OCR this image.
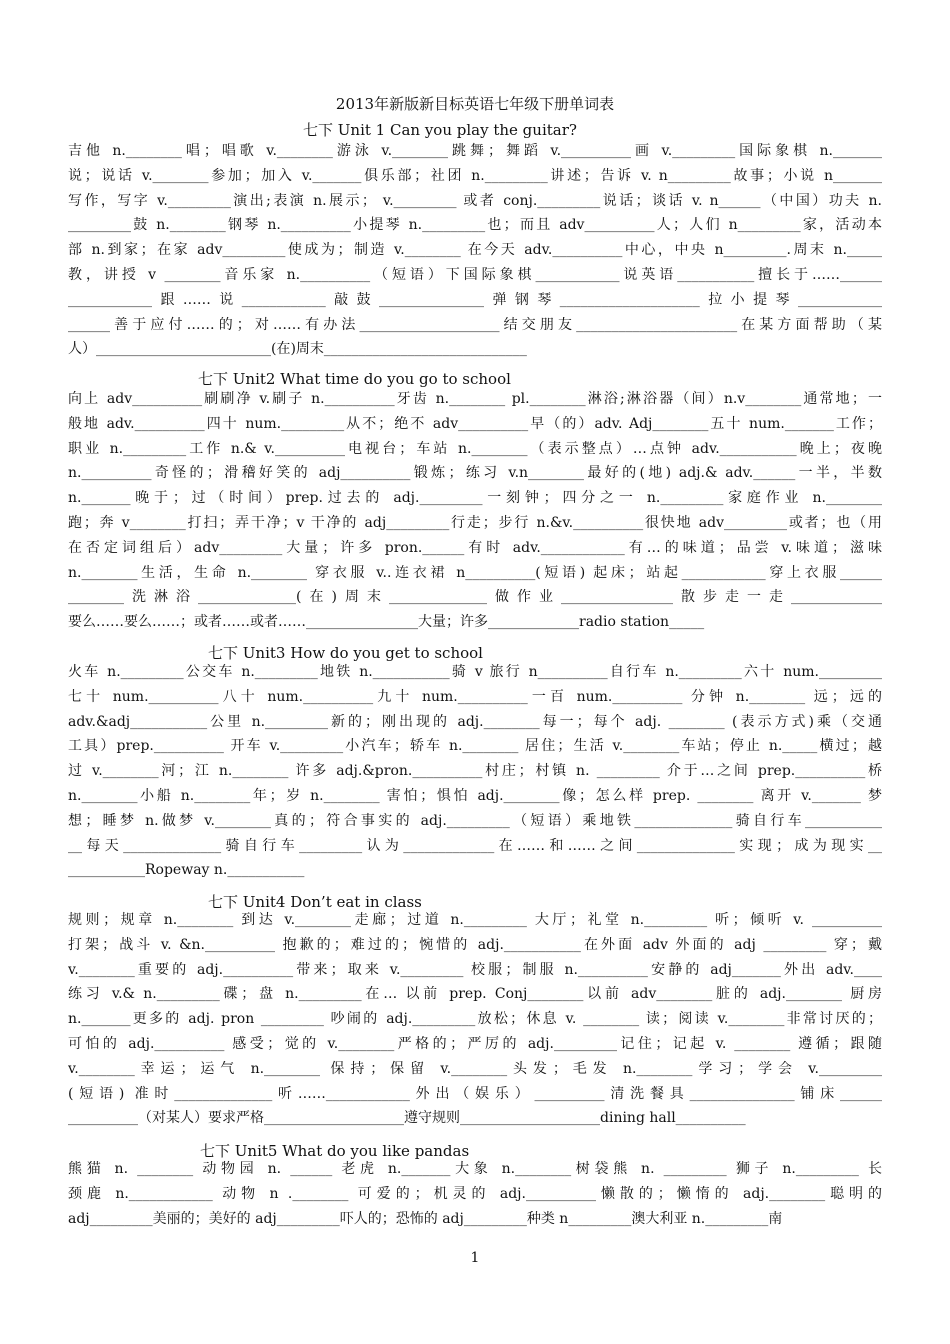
2013年新版新目标英语七年级下册单词表
七下 Unit 1 Can you play the guitar?
吉他 n.________唱；唱歌 v.________游泳 v.________跳舞；舞蹈 v.__________画 v._________国际象棋 n._______
说；说话 v.________参加；加入 v._______俱乐部；社团 n._________讲述；告诉 v. n_________故事；小说 n_______
写作，写字 v._________演出;表演 n.展示； v._________ 或者 conj._________说话；谈话 v. n______（中国）功夫 n.
_________鼓 n.________钢琴 n.__________小提琴 n._________也；而且 adv__________人；人们 n_________家，活动本
部 n.到家；在家 adv_________使成为；制造 v.________ 在今天 adv.__________中心，中央 n_________.周末 n._____
教，讲授 v ________音乐家 n.__________（短语）下国际象棋____________说英语___________擅长于……______
____________跟……说____________敲鼓_______________弹钢琴____________________拉小提琴____________
______善于应付……的；对……有办法____________________结交朋友_______________________在某方面帮助（某
人）_________________________(在)周末_____________________________
七下 Unit2 What time do you go to school
向上 adv__________刷刷净 v.刷子 n.__________牙齿 n.________ pl.________淋浴;淋浴器（间）n.v________通常地；一
般地 adv.__________四十 num._________从不；绝不 adv__________早（的）adv. Adj________五十 num._______工作；
职业 n._________工作 n.& v.__________电视台；车站 n.________（表示整点）…点钟 adv.___________晚上；夜晚
n.__________奇怪的；滑稽好笑的 adj__________锻炼；练习 v.n________最好的(地) adj.& adv.______一半，半数
n._______晚于；过（时间）prep.过去的 adj._________一刻钟；四分之一 n._________家庭作业 n.________
跑；奔 v________打扫；弄干净；v 干净的 adj_________行走；步行 n.&v.__________很快地 adv_________或者；也（用
在否定词组后）adv_________大量；许多 pron.______有时 adv.____________有…的味道；品尝 v.味道；滋味
n.________生活，生命 n.________ 穿衣服 v..连衣裙 n__________(短语) 起床；站起____________穿上衣服______
________洗淋浴______________(在)周末______________做作业________________散步走一走_____________
要么……要么……；或者……或者……________________大量；许多_____________radio station_____
七下 Unit3 How do you get to school
火车 n._________公交车 n._________地铁 n.___________骑 v 旅行 n__________自行车 n._________六十 num._________
七十 num.__________八十 num.__________九十 num.__________一百 num.__________ 分钟 n.________ 远；远的
adv.&adj___________公里 n._________新的；刚出现的 adj.________每一；每个 adj. ________ (表示方式)乘（交通
工具）prep.__________ 开车 v._________小汽车；轿车 n.________ 居住；生活 v.________车站；停止 n._____横过；越
过 v.________河；江 n.________ 许多 adj.&pron.__________村庄；村镇 n. _________ 介于…之间 prep.__________桥
n.________小船 n.________年；岁 n.________ 害怕；惧怕 adj.________像；怎么样 prep. ________ 离开 v._______ 梦
想；睡梦 n.做梦 v.________真的；符合事实的 adj._________（短语）乘地铁______________骑自行车___________
__每天______________骑自行车_________认为_____________在……和……之间______________实现；成为现实__
___________Ropeway n.___________
七下 Unit4 Don’t eat in class
规则；规章 n.________ 到达 v.________走廊；过道 n._________ 大厅；礼堂 n._________ 听；倾听 v. __________
打架；战斗 v. &n.__________ 抱歉的；难过的；惋惜的 adj.___________在外面 adv 外面的 adj _________ 穿；戴
v.________重要的 adj.__________带来；取来 v._________ 校服；制服 n.__________安静的 adj_______外出 adv.____
练习 v.& n._________碟；盘 n._________在… 以前 prep. Conj________以前 adv________脏的 adj.________ 厨房
n._______更多的 adj. pron _________ 吵闹的 adj._________放松；休息 v. ________ 读；阅读 v.________非常讨厌的；
可怕的 adj.__________ 感受；觉的 v.________严格的；严厉的 adj._________记住；记起 v. ________ 遵循；跟随
v.________幸运；运气 n.________ 保持；保留 v.________头发；毛发 n.________学习；学会 v._________
(短语) 准时______________听……____________外出（娱乐）__________清洗餐具_______________铺床______
__________（对某人）要求严格____________________遵守规则____________________dining hall__________
七下 Unit5 What do you like pandas
熊猫 n. ________ 动物园 n. ______ 老虎 n._______大象 n.________树袋熊 n. _________ 狮子 n._________ 长
颈鹿 n.____________ 动物 n .________ 可爱的；机灵的 adj.__________懒散的；懒惰的 adj.________聪明的
adj_________美丽的；美好的 adj_________吓人的；恐怖的 adj_________种类 n_________澳大利亚 n._________南
1
